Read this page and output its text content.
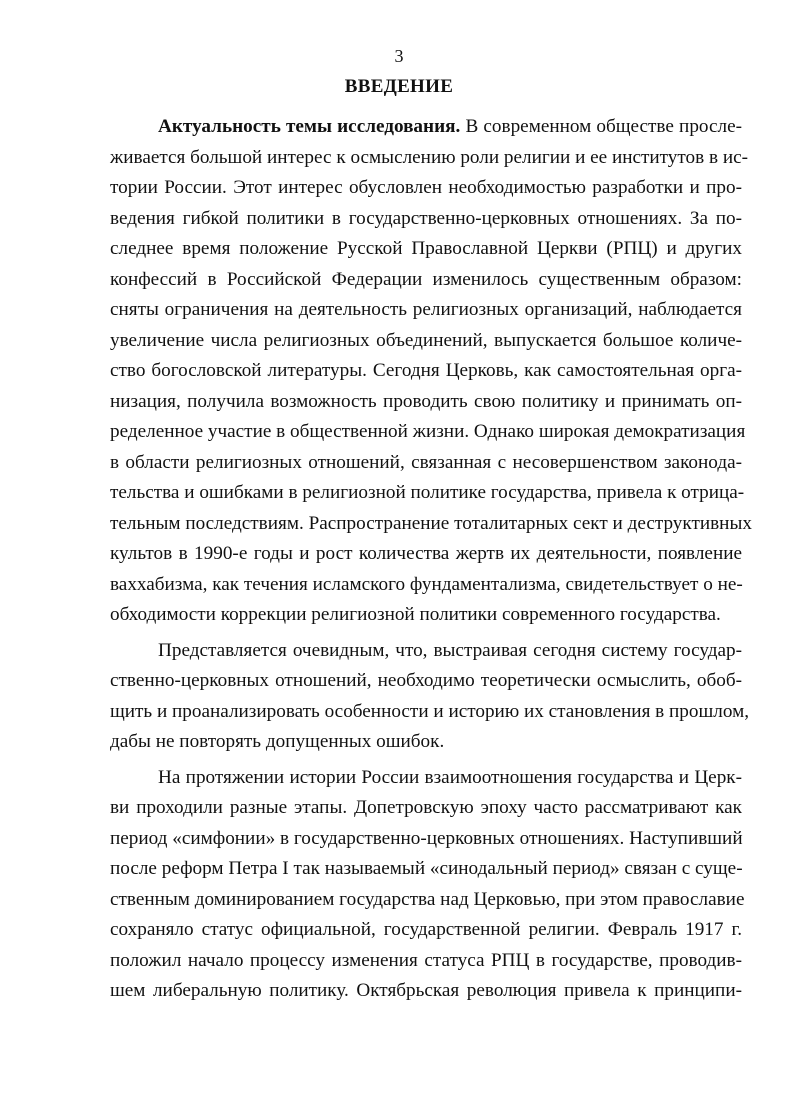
3
ВВЕДЕНИЕ
Актуальность темы исследования. В современном обществе просле-
живается большой интерес к осмыслению роли религии и ее институтов в ис-
тории России. Этот интерес обусловлен необходимостью разработки и про-
ведения гибкой политики в государственно-церковных отношениях. За по-
следнее время положение Русской Православной Церкви (РПЦ) и других
конфессий в Российской Федерации изменилось существенным образом:
сняты ограничения на деятельность религиозных организаций, наблюдается
увеличение числа религиозных объединений, выпускается большое количе-
ство богословской литературы. Сегодня Церковь, как самостоятельная орга-
низация, получила возможность проводить свою политику и принимать оп-
ределенное участие в общественной жизни. Однако широкая демократизация
в области религиозных отношений, связанная с несовершенством законода-
тельства и ошибками в религиозной политике государства, привела к отрица-
тельным последствиям. Распространение тоталитарных сект и деструктивных
культов в 1990-е годы и рост количества жертв их деятельности, появление
ваххабизма, как течения исламского фундаментализма, свидетельствует о не-
обходимости коррекции религиозной политики современного государства.
Представляется очевидным, что, выстраивая сегодня систему государ-
ственно-церковных отношений, необходимо теоретически осмыслить, обоб-
щить и проанализировать особенности и историю их становления в прошлом,
дабы не повторять допущенных ошибок.
На протяжении истории России взаимоотношения государства и Церк-
ви проходили разные этапы. Допетровскую эпоху часто рассматривают как
период «симфонии» в государственно-церковных отношениях. Наступивший
после реформ Петра I так называемый «синодальный период» связан с суще-
ственным доминированием государства над Церковью, при этом православие
сохраняло статус официальной, государственной религии. Февраль 1917 г.
положил начало процессу изменения статуса РПЦ в государстве, проводив-
шем либеральную политику. Октябрьская революция привела к принципи-
